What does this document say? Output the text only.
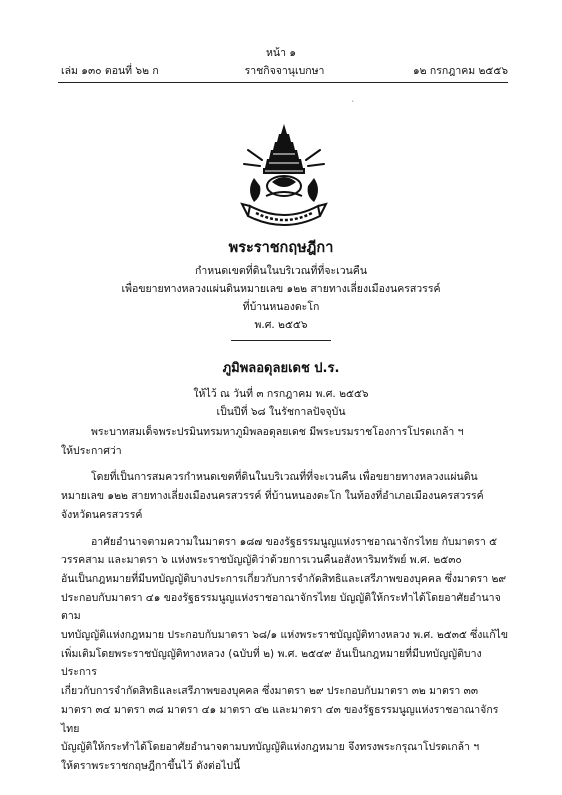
หน้า ๑
เล่ม ๑๓๐ ตอนที่ ๖๒ ก	ราชกิจจานุเบกษา	๑๒ กรกฎาคม ๒๕๕๖
`
พระราชกฤษฎีกา
กำหนดเขตที่ดินในบริเวณที่ที่จะเวนคืน
เพื่อขยายทางหลวงแผ่นดินหมายเลข ๑๒๒ สายทางเลี่ยงเมืองนครสวรรค์
ที่บ้านหนองดะโก
พ.ศ. ๒๕๕๖
ภูมิพลอดุลยเดช ป.ร.
ให้ไว้ ณ วันที่ ๓ กรกฎาคม พ.ศ. ๒๕๕๖
เป็นปีที่ ๖๘ ในรัชกาลปัจจุบัน

พระบาทสมเด็จพระปรมินทรมหาภูมิพลอดุลยเดช มีพระบรมราชโองการโปรดเกล้า ฯ
ให้ประกาศว่า

โดยที่เป็นการสมควรกำหนดเขตที่ดินในบริเวณที่ที่จะเวนคืน เพื่อขยายทางหลวงแผ่นดิน
หมายเลข ๑๒๒ สายทางเลี่ยงเมืองนครสวรรค์ ที่บ้านหนองดะโก ในท้องที่อำเภอเมืองนครสวรรค์
จังหวัดนครสวรรค์

อาศัยอำนาจตามความในมาตรา ๑๘๗ ของรัฐธรรมนูญแห่งราชอาณาจักรไทย กับมาตรา ๕
วรรคสาม และมาตรา ๖ แห่งพระราชบัญญัติว่าด้วยการเวนคืนอสังหาริมทรัพย์ พ.ศ. ๒๕๓๐
อันเป็นกฎหมายที่มีบทบัญญัติบางประการเกี่ยวกับการจำกัดสิทธิและเสรีภาพของบุคคล ซึ่งมาตรา ๒๙
ประกอบกับมาตรา ๔๑ ของรัฐธรรมนูญแห่งราชอาณาจักรไทย บัญญัติให้กระทำได้โดยอาศัยอำนาจตาม
บทบัญญัติแห่งกฎหมาย ประกอบกับมาตรา ๖๘/๑ แห่งพระราชบัญญัติทางหลวง พ.ศ. ๒๕๓๕ ซึ่งแก้ไข
เพิ่มเติมโดยพระราชบัญญัติทางหลวง (ฉบับที่ ๒) พ.ศ. ๒๕๔๙ อันเป็นกฎหมายที่มีบทบัญญัติบางประการ
เกี่ยวกับการจำกัดสิทธิและเสรีภาพของบุคคล ซึ่งมาตรา ๒๙ ประกอบกับมาตรา ๓๒ มาตรา ๓๓
มาตรา ๓๔ มาตรา ๓๘ มาตรา ๔๑ มาตรา ๔๒ และมาตรา ๔๓ ของรัฐธรรมนูญแห่งราชอาณาจักรไทย
บัญญัติให้กระทำได้โดยอาศัยอำนาจตามบทบัญญัติแห่งกฎหมาย จึงทรงพระกรุณาโปรดเกล้า ฯ
ให้ตราพระราชกฤษฎีกาขึ้นไว้ ดังต่อไปนี้
